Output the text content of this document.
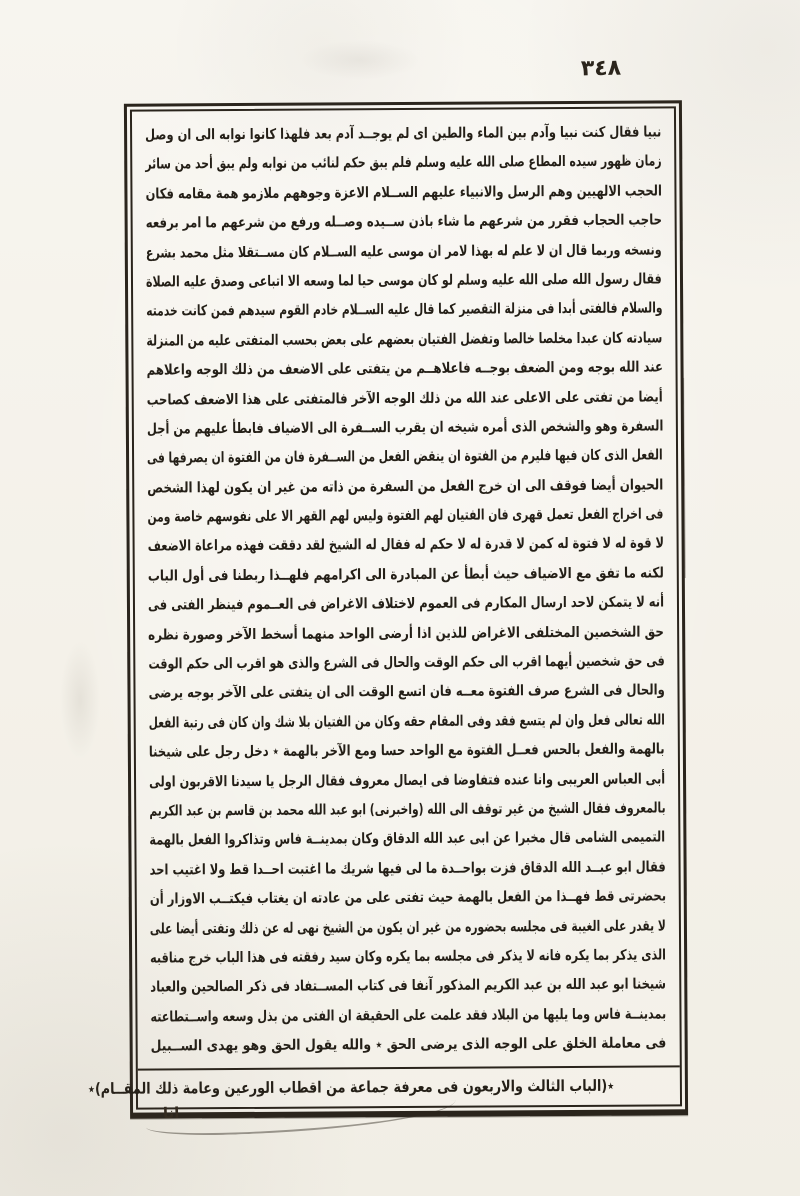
٣٤٨
نبيا فقال كنت نبيا وآدم بين الماء والطين اى لم يوجــد آدم بعد فلهذا كانوا نوابه الى ان وصل
زمان ظهور سيده المطاع صلى الله عليه وسلم فلم يبق حكم لنائب من نوابه ولم يبق أحد من سائر
الحجب الالهيين وهم الرسل والانبياء عليهم الســلام الاعزة وجوههم ملازمو همة مقامه فكان
حاجب الحجاب فقرر من شرعهم ما شاء باذن ســيده وصــله ورفع من شرعهم ما امر برفعه
ونسخه وربما قال ان لا علم له بهذا لامر ان موسى عليه الســلام كان مســتقلا مثل محمد بشرع
فقال رسول الله صلى الله عليه وسلم لو كان موسى حيا لما وسعه الا اتباعى وصدق عليه الصلاة
والسلام فالفتى أبدا فى منزلة التقصير كما قال عليه الســلام خادم القوم سيدهم فمن كانت خدمته
سيادته كان عبدا مخلصا خالصا وتفضل الفتيان بعضهم على بعض بحسب المتفتى عليه من المنزلة
عند الله بوجه ومن الضعف بوجــه فاعلاهــم من يتفتى على الاضعف من ذلك الوجه واعلاهم
أيضا من تفتى على الاعلى عند الله من ذلك الوجه الآخر فالمتفتى على هذا الاضعف كصاحب
السفرة وهو والشخص الذى أمره شيخه ان يقرب الســفرة الى الاضياف فابطأ عليهم من أجل
الفعل الذى كان فيها فليرم من الفتوة ان ينقض الفعل من الســفرة فان من الفتوة ان يصرفها فى
الحيوان أيضا فوقف الى ان خرج الفعل من السفرة من ذاته من غير ان يكون لهذا الشخص
فى اخراج الفعل تعمل قهرى فان الفتيان لهم الفتوة وليس لهم القهر الا على نفوسهم خاصة ومن
لا قوة له لا فتوة له كمن لا قدرة له لا حكم له فقال له الشيخ لقد دققت فهذه مراعاة الاضعف
لكنه ما تفق مع الاضياف حيث أبطأ عن المبادرة الى اكرامهم فلهــذا ربطنا فى أول الباب
أنه لا يتمكن لاحد ارسال المكارم فى العموم لاختلاف الاغراض فى العــموم فينظر الفتى فى
حق الشخصين المختلفى الاغراض للذين اذا أرضى الواحد منهما أسخط الآخر وصورة نظره
فى حق شخصين أيهما اقرب الى حكم الوقت والحال فى الشرع والذى هو اقرب الى حكم الوقت
والحال فى الشرع صرف الفتوة معــه فان اتسع الوقت الى ان يتفتى على الآخر بوجه يرضى
الله تعالى فعل وان لم يتسع فقد وفى المقام حقه وكان من الفتيان بلا شك وان كان فى رتبة الفعل
بالهمة والفعل بالحس فعــل الفتوة مع الواحد حسا ومع الآخر بالهمة ٭ دخل رجل على شيخنا
أبى العباس العريبى وانا عنده فتفاوضا فى ايصال معروف فقال الرجل يا سيدنا الاقربون اولى
بالمعروف فقال الشيخ من غير توقف الى الله (واخبرنى) ابو عبد الله محمد بن قاسم بن عبد الكريم
التميمى الشامى قال مخبرا عن ابى عبد الله الدقاق وكان بمدينــة فاس وتذاكروا الفعل بالهمة
فقال ابو عبــد الله الدقاق فزت بواحــدة ما لى فيها شريك ما اغتبت احــدا قط ولا اغتيب احد
بحضرتى قط فهــذا من الفعل بالهمة حيث تفتى على من عادته ان يغتاب فيكتــب الاوزار أن
لا يقدر على الغيبة فى مجلسه بحضوره من غير ان يكون من الشيخ نهى له عن ذلك وتفتى أيضا على
الذى يذكر بما يكره فانه لا يذكر فى مجلسه بما يكره وكان سيد رفقته فى هذا الباب خرج مناقبه
شيخنا ابو عبد الله بن عبد الكريم المذكور آنفا فى كتاب المســتفاد فى ذكر الصالحين والعباد
بمدينــة فاس وما يليها من البلاد فقد علمت على الحقيقة ان الفتى من بذل وسعه واســتطاعته
فى معاملة الخلق على الوجه الذى يرضى الحق ٭ والله يقول الحق وهو يهدى الســبيل
٭(الباب الثالث والاربعون فى معرفة جماعة من اقطاب الورعين وعامة ذلك المقــام)٭
انا
